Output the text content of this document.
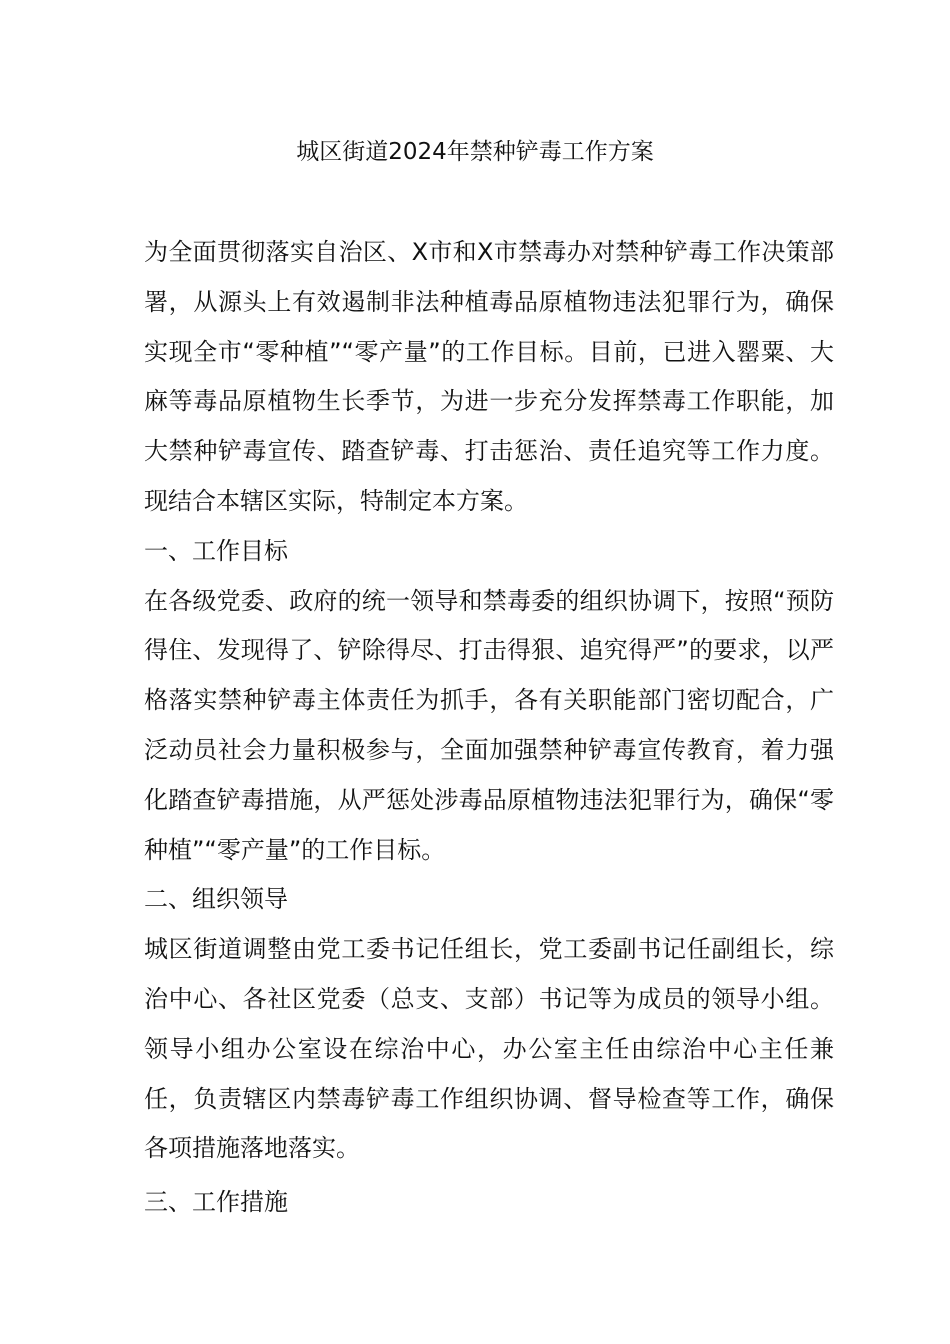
城区街道2024年禁种铲毒工作方案

为全面贯彻落实自治区、X市和X市禁毒办对禁种铲毒工作决策部署，从源头上有效遏制非法种植毒品原植物违法犯罪行为，确保实现全市“零种植”“零产量”的工作目标。目前，已进入罂粟、大麻等毒品原植物生长季节，为进一步充分发挥禁毒工作职能，加大禁种铲毒宣传、踏查铲毒、打击惩治、责任追究等工作力度。现结合本辖区实际，特制定本方案。

一、工作目标

在各级党委、政府的统一领导和禁毒委的组织协调下，按照“预防得住、发现得了、铲除得尽、打击得狠、追究得严”的要求，以严格落实禁种铲毒主体责任为抓手，各有关职能部门密切配合，广泛动员社会力量积极参与，全面加强禁种铲毒宣传教育，着力强化踏查铲毒措施，从严惩处涉毒品原植物违法犯罪行为，确保“零种植”“零产量”的工作目标。

二、组织领导

城区街道调整由党工委书记任组长，党工委副书记任副组长，综治中心、各社区党委（总支、支部）书记等为成员的领导小组。领导小组办公室设在综治中心，办公室主任由综治中心主任兼任，负责辖区内禁毒铲毒工作组织协调、督导检查等工作，确保各项措施落地落实。

三、工作措施
